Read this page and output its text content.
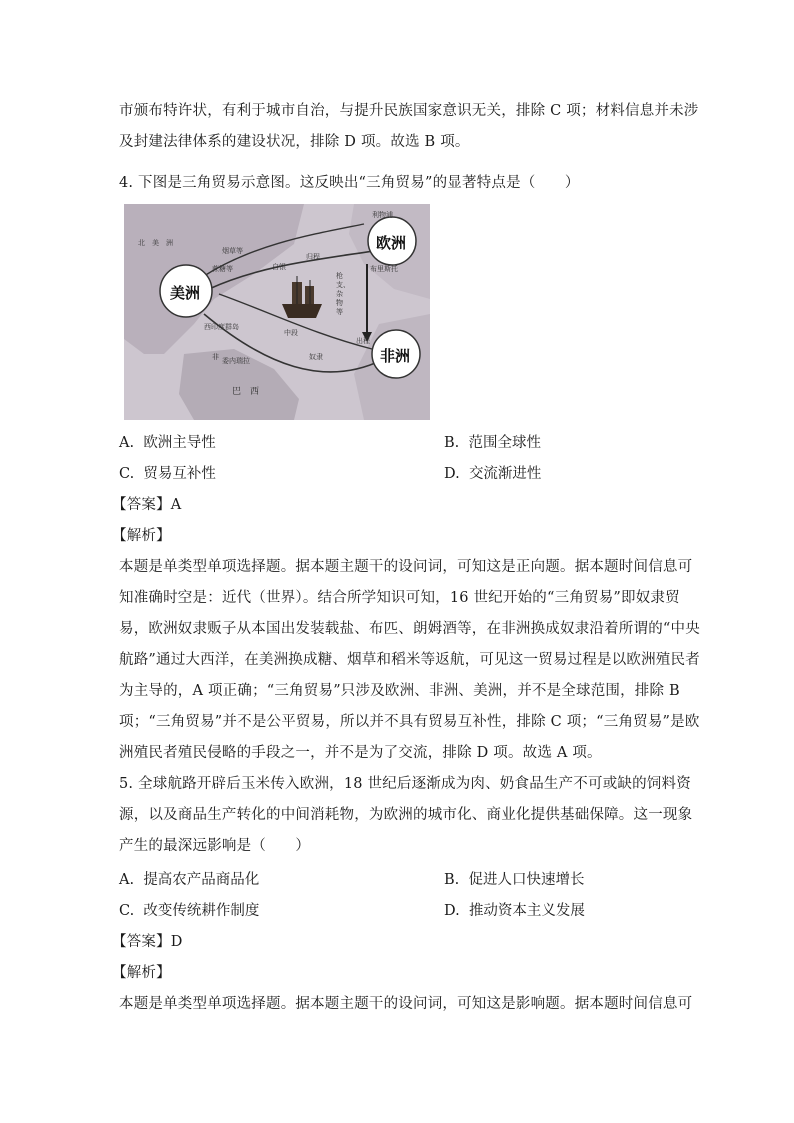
市颁布特许状，有利于城市自治，与提升民族国家意识无关，排除 C 项；材料信息并未涉
及封建法律体系的建设状况，排除 D 项。故选 B 项。
4. 下图是三角贸易示意图。这反映出“三角贸易”的显著特点是（　　）
美洲
欧洲
非洲
北　美　洲
烟草等
蔗糖等	白银
归程
利物浦
布里斯托
枪支、杂物等
西印度群岛
中段
奴隶
出程
非 委内瑞拉
巴　西
A. 欧洲主导性	B. 范围全球性
C. 贸易互补性	D. 交流渐进性
【答案】A
【解析】
本题是单类型单项选择题。据本题主题干的设问词，可知这是正向题。据本题时间信息可
知准确时空是：近代（世界）。结合所学知识可知，16 世纪开始的“三角贸易”即奴隶贸
易，欧洲奴隶贩子从本国出发装载盐、布匹、朗姆酒等，在非洲换成奴隶沿着所谓的“中央
航路”通过大西洋，在美洲换成糖、烟草和稻米等返航，可见这一贸易过程是以欧洲殖民者
为主导的，A 项正确；“三角贸易”只涉及欧洲、非洲、美洲，并不是全球范围，排除 B
项；“三角贸易”并不是公平贸易，所以并不具有贸易互补性，排除 C 项；“三角贸易”是欧
洲殖民者殖民侵略的手段之一，并不是为了交流，排除 D 项。故选 A 项。
5. 全球航路开辟后玉米传入欧洲，18 世纪后逐渐成为肉、奶食品生产不可或缺的饲料资
源，以及商品生产转化的中间消耗物，为欧洲的城市化、商业化提供基础保障。这一现象
产生的最深远影响是（　　）
A. 提高农产品商品化	B. 促进人口快速增长
C. 改变传统耕作制度	D. 推动资本主义发展
【答案】D
【解析】
本题是单类型单项选择题。据本题主题干的设问词，可知这是影响题。据本题时间信息可
